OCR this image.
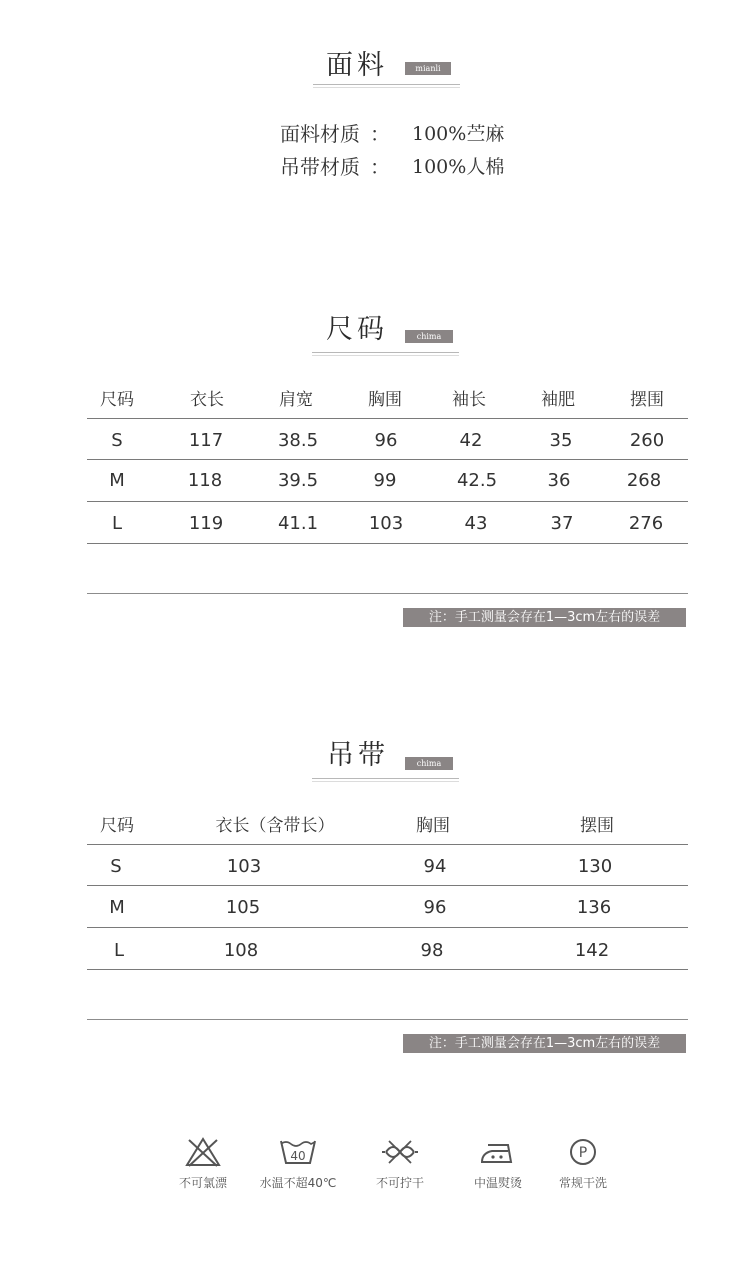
面料	mianli
面料材质 ： 100%苎麻
吊带材质 ： 100%人棉
尺码	chima
尺码	衣长	肩宽	胸围	袖长	袖肥	摆围
S	117	38.5	96	42	35	260
M	118	39.5	99	42.5	36	268
L	119	41.1	103	43	37	276
注：手工测量会存在1—3cm左右的误差
吊带	chima
尺码	衣长（含带长）	胸围	摆围
S	103	94	130
M	105	96	136
L	108	98	142
注：手工测量会存在1—3cm左右的误差
不可氯漂
40
水温不超40℃	不可拧干	中温熨烫
P
常规干洗
